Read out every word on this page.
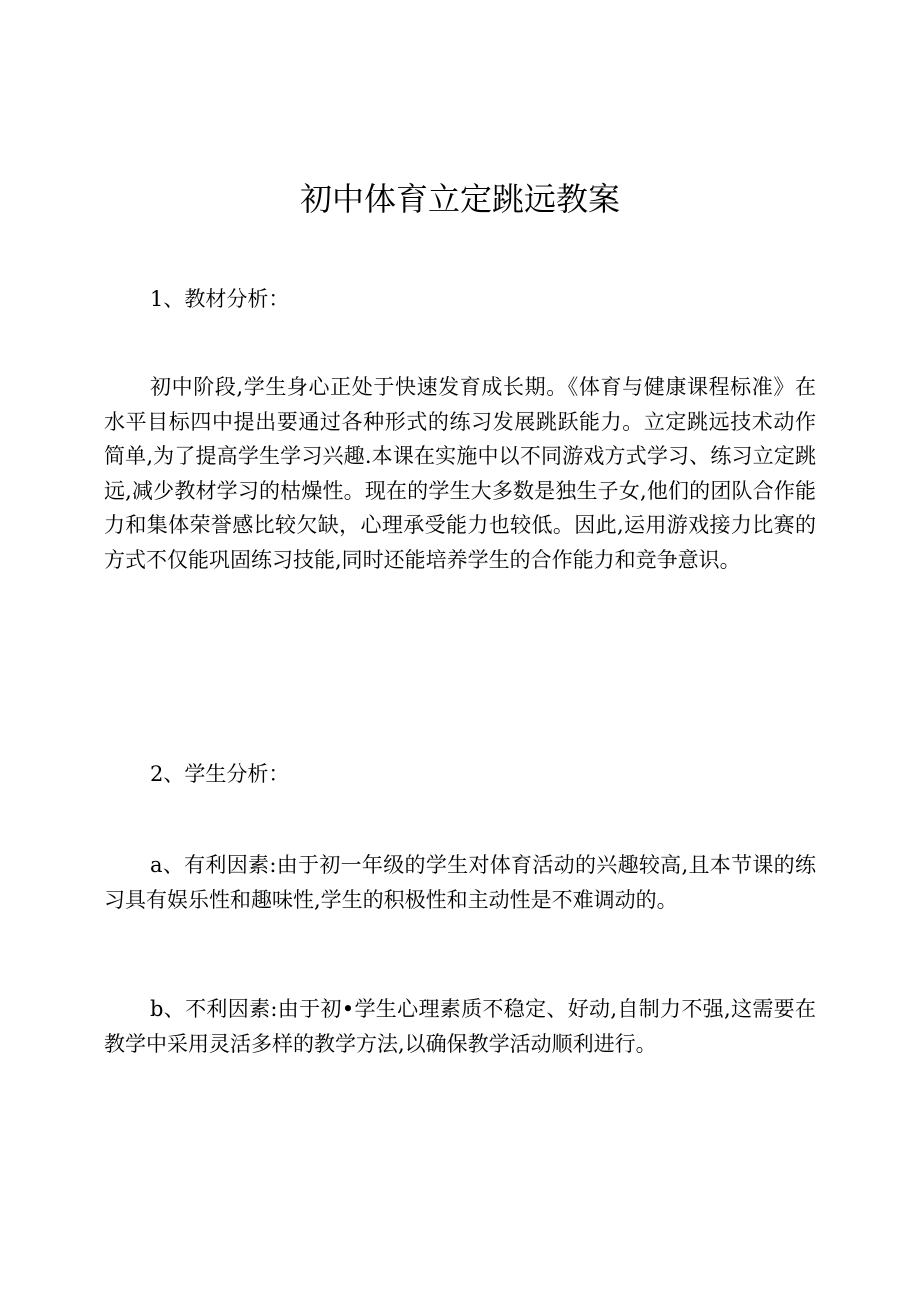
初中体育立定跳远教案

1、教材分析：

初中阶段,学生身心正处于快速发育成长期。《体育与健康课程标准》在水平目标四中提出要通过各种形式的练习发展跳跃能力。立定跳远技术动作简单,为了提高学生学习兴趣.本课在实施中以不同游戏方式学习、练习立定跳远,减少教材学习的枯燥性。现在的学生大多数是独生子女,他们的团队合作能力和集体荣誉感比较欠缺，心理承受能力也较低。因此,运用游戏接力比赛的方式不仅能巩固练习技能,同时还能培养学生的合作能力和竞争意识。

2、学生分析：

a、有利因素:由于初一年级的学生对体育活动的兴趣较高,且本节课的练习具有娱乐性和趣味性,学生的积极性和主动性是不难调动的。

b、不利因素:由于初•学生心理素质不稳定、好动,自制力不强,这需要在教学中采用灵活多样的教学方法,以确保教学活动顺利进行。
